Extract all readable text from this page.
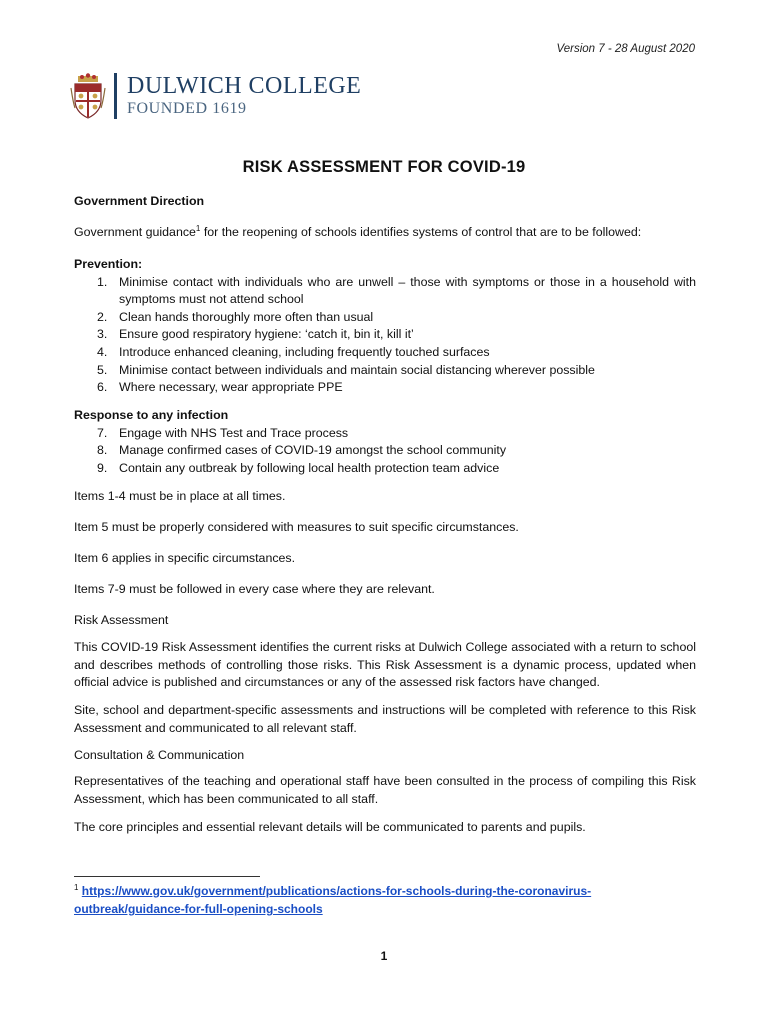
Version 7 - 28 August 2020
DULWICH COLLEGE
FOUNDED 1619
RISK ASSESSMENT FOR COVID-19
Government Direction
Government guidance$^1$ for the reopening of schools identifies systems of control that are to be followed:
Prevention:
1. Minimise contact with individuals who are unwell – those with symptoms or those in a household with symptoms must not attend school
2. Clean hands thoroughly more often than usual
3. Ensure good respiratory hygiene: ‘catch it, bin it, kill it’
4. Introduce enhanced cleaning, including frequently touched surfaces
5. Minimise contact between individuals and maintain social distancing wherever possible
6. Where necessary, wear appropriate PPE
Response to any infection
7. Engage with NHS Test and Trace process
8. Manage confirmed cases of COVID-19 amongst the school community
9. Contain any outbreak by following local health protection team advice
Items 1-4 must be in place at all times.
Item 5 must be properly considered with measures to suit specific circumstances.
Item 6 applies in specific circumstances.
Items 7-9 must be followed in every case where they are relevant.
Risk Assessment
This COVID-19 Risk Assessment identifies the current risks at Dulwich College associated with a return to school and describes methods of controlling those risks. This Risk Assessment is a dynamic process, updated when official advice is published and circumstances or any of the assessed risk factors have changed.
Site, school and department-specific assessments and instructions will be completed with reference to this Risk Assessment and communicated to all relevant staff.
Consultation & Communication
Representatives of the teaching and operational staff have been consulted in the process of compiling this Risk Assessment, which has been communicated to all staff.
The core principles and essential relevant details will be communicated to parents and pupils.
$^1$ https://www.gov.uk/government/publications/actions-for-schools-during-the-coronavirus-
outbreak/guidance-for-full-opening-schools
1
